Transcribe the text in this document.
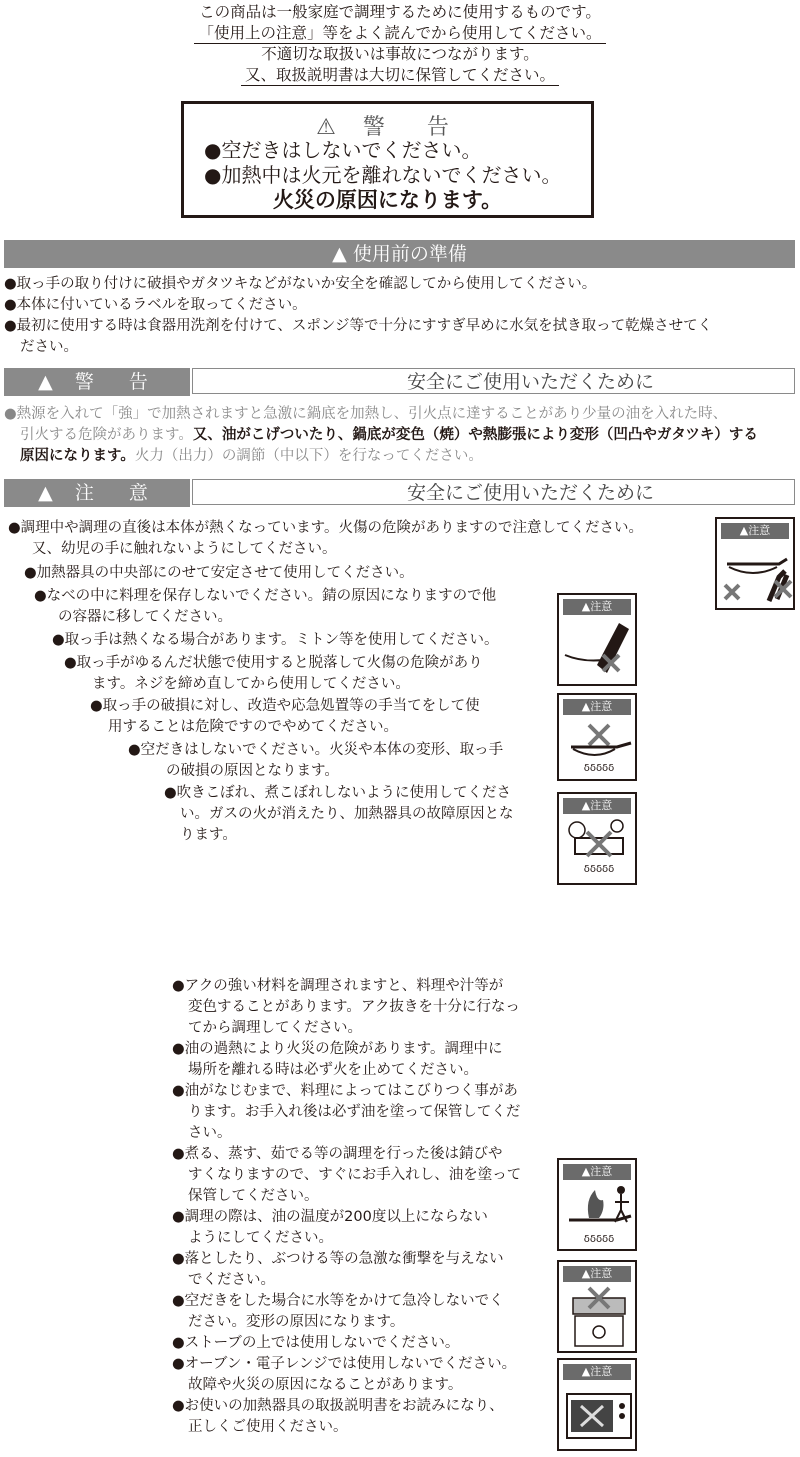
この商品は一般家庭で調理するために使用するものです。
「使用上の注意」等をよく読んでから使用してください。
不適切な取扱いは事故につながります。
又、取扱説明書は大切に保管してください。
⚠ 警　告
●空だきはしないでください。
●加熱中は火元を離れないでください。
火災の原因になります。
▲ 使用前の準備
●取っ手の取り付けに破損やガタツキなどがないか安全を確認してから使用してください。
●本体に付いているラベルを取ってください。
●最初に使用する時は食器用洗剤を付けて、スポンジ等で十分にすすぎ早めに水気を拭き取って乾燥させてく
ださい。
▲ 警　告	安全にご使用いただくために
●熱源を入れて「強」で加熱されますと急激に鍋底を加熱し、引火点に達することがあり少量の油を入れた時、
引火する危険があります。又、油がこげついたり、鍋底が変色（焼）や熱膨張により変形（凹凸やガタツキ）する
原因になります。火力（出力）の調節（中以下）を行なってください。
▲ 注　意	安全にご使用いただくために
●調理中や調理の直後は本体が熱くなっています。火傷の危険がありますので注意してください。
又、幼児の手に触れないようにしてください。
●加熱器具の中央部にのせて安定させて使用してください。
●なべの中に料理を保存しないでください。錆の原因になりますので他
の容器に移してください。
●取っ手は熱くなる場合があります。ミトン等を使用してください。
●取っ手がゆるんだ状態で使用すると脱落して火傷の危険があり
ます。ネジを締め直してから使用してください。
●取っ手の破損に対し、改造や応急処置等の手当てをして使
用することは危険ですのでやめてください。
●空だきはしないでください。火災や本体の変形、取っ手
の破損の原因となります。
●吹きこぼれ、煮こぼれしないように使用してくださ
い。ガスの火が消えたり、加熱器具の故障原因とな
ります。
▲注意
▲注意
▲注意
δδδδδ
▲注意
δδδδδ
●アクの強い材料を調理されますと、料理や汁等が
変色することがあります。アク抜きを十分に行なっ
てから調理してください。
●油の過熱により火災の危険があります。調理中に
場所を離れる時は必ず火を止めてください。
●油がなじむまで、料理によってはこびりつく事があ
ります。お手入れ後は必ず油を塗って保管してくだ
さい。
●煮る、蒸す、茹でる等の調理を行った後は錆びや
すくなりますので、すぐにお手入れし、油を塗って
保管してください。
●調理の際は、油の温度が200度以上にならない
ようにしてください。
●落としたり、ぶつける等の急激な衝撃を与えない
でください。
●空だきをした場合に水等をかけて急冷しないでく
ださい。変形の原因になります。
●ストーブの上では使用しないでください。
●オーブン・電子レンジでは使用しないでください。
故障や火災の原因になることがあります。
●お使いの加熱器具の取扱説明書をお読みになり、
正しくご使用ください。
▲注意
δδδδδ
▲注意
▲注意
